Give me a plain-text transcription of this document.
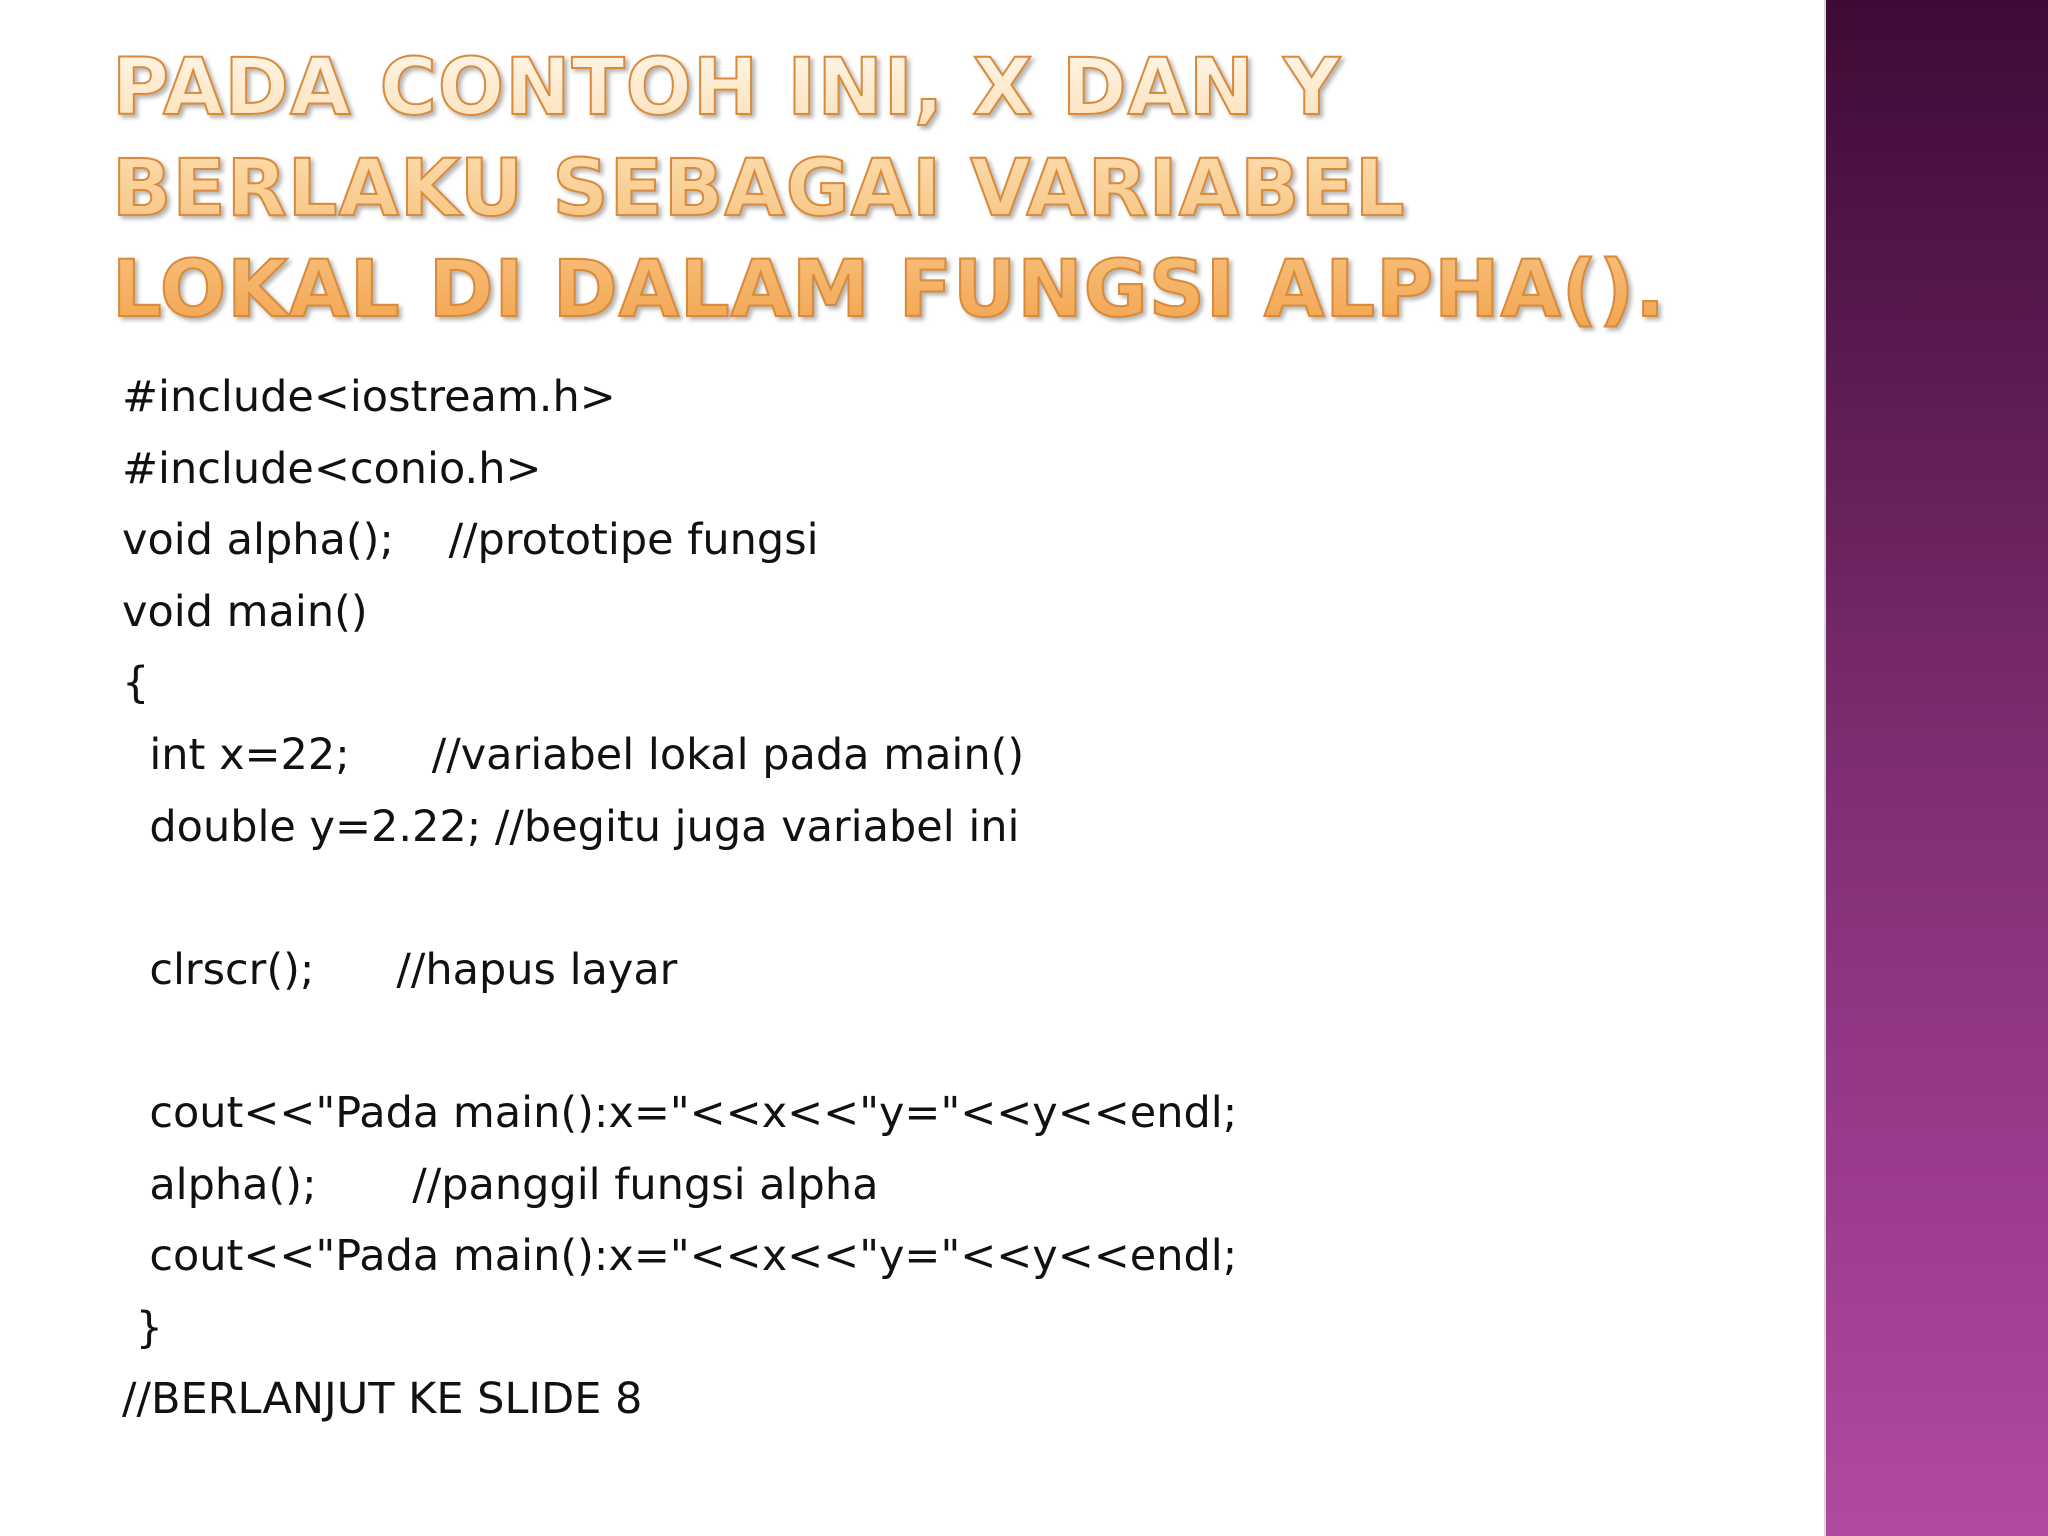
PADA CONTOH INI, X DAN Y BERLAKU SEBAGAI VARIABEL LOKAL DI DALAM FUNGSI ALPHA().
#include<iostream.h>
#include<conio.h>
void alpha();    //prototipe fungsi
void main()
{
int x=22;      //variabel lokal pada main()
double y=2.22; //begitu juga variabel ini
clrscr();      //hapus layar
cout<<"Pada main():x="<<x<<"y="<<y<<endl;
alpha();       //panggil fungsi alpha
cout<<"Pada main():x="<<x<<"y="<<y<<endl;
}
//BERLANJUT KE SLIDE 8
